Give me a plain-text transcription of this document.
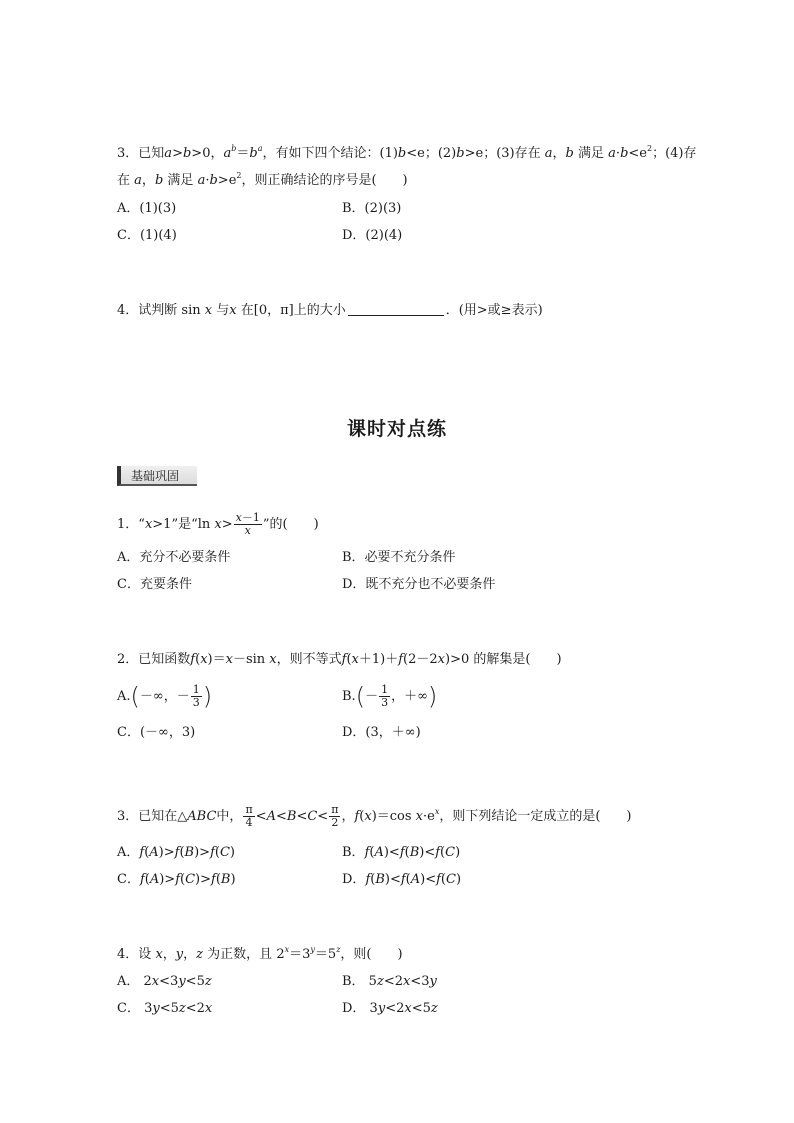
3．已知a>b>0，$a^b=b^a$，有如下四个结论：(1)b<e；(2)b>e；(3)存在 a，b 满足 $a\cdot b<e^2$；(4)存
在 a，b 满足 $a\cdot b>e^2$，则正确结论的序号是(　　)
A．(1)(3)	B．(2)(3)
C．(1)(4)	D．(2)(4)
4．试判断 sin x 与x 在[0，π]上的大小	．(用>或≥表示)
课时对点练
基础巩固
1．“x>1”是“ln $x> \frac{x-1}{x}$ ”的(　　)
A．充分不必要条件	B．必要不充分条件
C．充要条件	D．既不充分也不必要条件
2．已知函数f(x)＝x－sin x，则不等式f(x＋1)＋f(2－2x)>0 的解集是(　　)
A.(－∞，－ $\frac{1}{3}$ )	$B.(- \frac{1}{3}$ ，＋∞)
C．(－∞，3)	D．(3，＋∞)
3．已知在△ABC中， $\frac{\pi}{4} <A<B<C< \frac{\pi}{2}$ ，f(x)＝cos $x\cdot e^x$，则下列结论一定成立的是(　　)
A．f(A)>f(B)>f(C)	B．f(A)<f(B)<f(C)
C．f(A)>f(C)>f(B)	D．f(B)<f(A)<f(C)
4．设 x，y，z 为正数，且 $2^x=3^y=5^z$，则(　　)
A． 2x<3y<5z	B． 5z<2x<3y
C． 3y<5z<2x	D． 3y<2x<5z
